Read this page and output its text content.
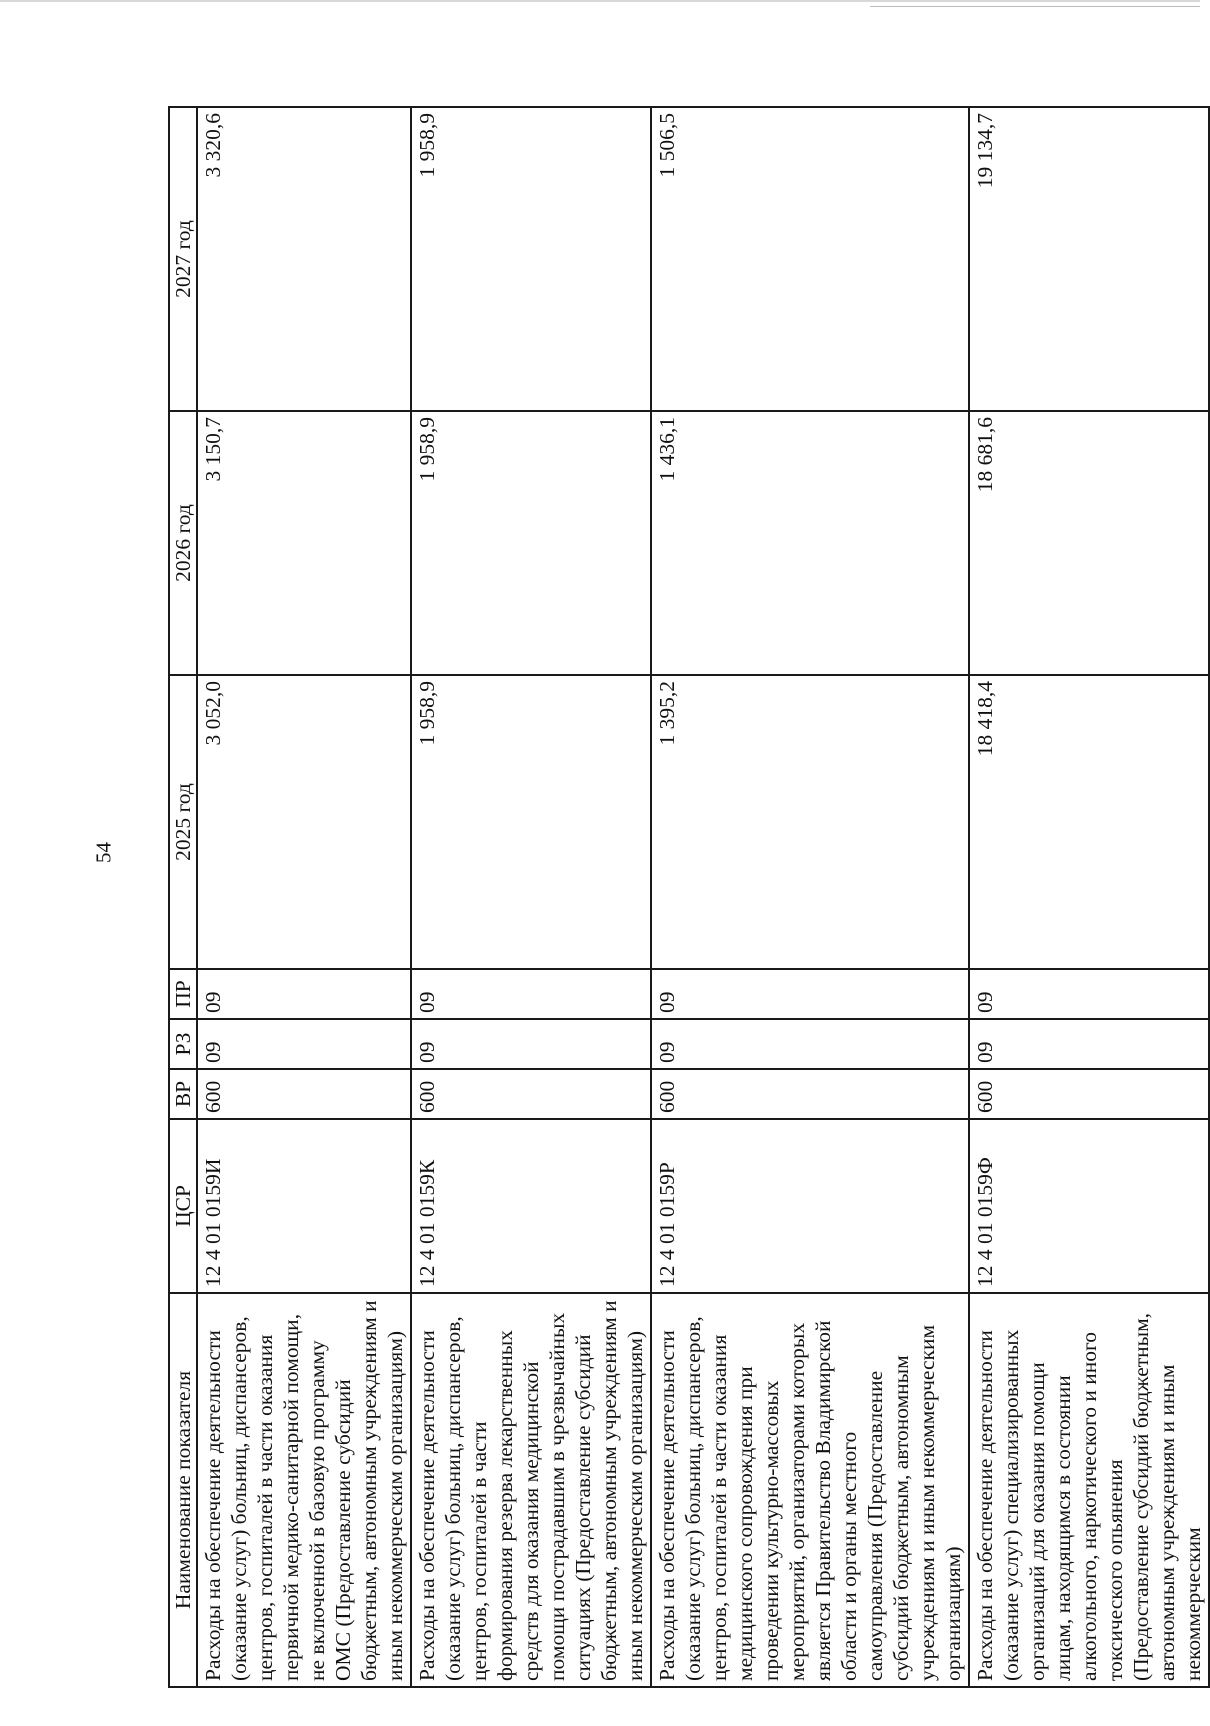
54
Наименование показателя	ЦСР	ВР	РЗ	ПР	2025 год	2026 год	2027 год
Расходы на обеспечение деятельности (оказание услуг) больниц, диспансеров, центров, госпиталей в части оказания первичной медико-санитарной помощи, не включенной в базовую программу ОМС (Предоставление субсидий бюджетным, автономным учреждениям и иным некоммерческим организациям)	12 4 01 0159И	600	09	09	3 052,0	3 150,7	3 320,6
Расходы на обеспечение деятельности (оказание услуг) больниц, диспансеров, центров, госпиталей в части формирования резерва лекарственных средств для оказания медицинской помощи пострадавшим в чрезвычайных ситуациях (Предоставление субсидий бюджетным, автономным учреждениям и иным некоммерческим организациям)	12 4 01 0159К	600	09	09	1 958,9	1 958,9	1 958,9
Расходы на обеспечение деятельности (оказание услуг) больниц, диспансеров, центров, госпиталей в части оказания медицинского сопровождения при проведении культурно-массовых мероприятий, организаторами которых является Правительство Владимирской области и органы местного самоуправления (Предоставление субсидий бюджетным, автономным учреждениям и иным некоммерческим организациям)	12 4 01 0159Р	600	09	09	1 395,2	1 436,1	1 506,5
Расходы на обеспечение деятельности (оказание услуг) специализированных организаций для оказания помощи лицам, находящимся в состоянии алкогольного, наркотического и иного токсического опьянения (Предоставление субсидий бюджетным, автономным учреждениям и иным некоммерческим	12 4 01 0159Ф	600	09	09	18 418,4	18 681,6	19 134,7
